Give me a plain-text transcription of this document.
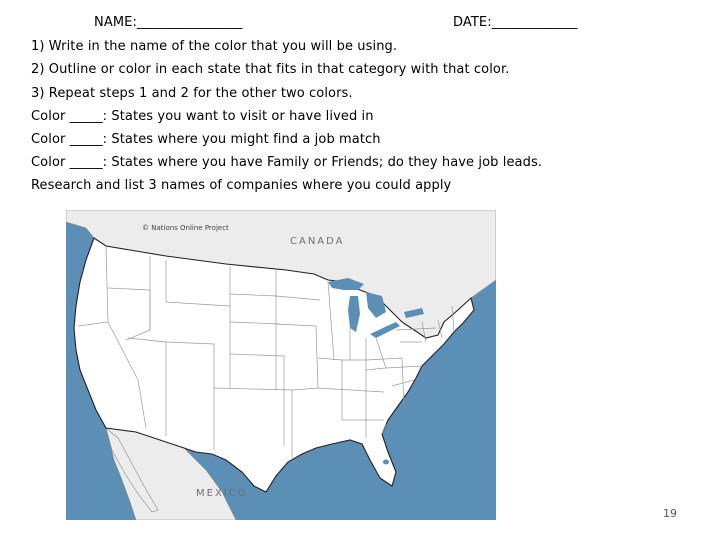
NAME:________________	DATE:_____________
1) Write in the name of the color that you will be using.
2) Outline or color in each state that fits in that category with that color.
3) Repeat steps 1 and 2 for the other two colors.
Color _____: States you want to visit or have lived in
Color _____: States where you might find a job match
Color _____: States where you have Family or Friends; do they have job leads.
Research and list 3 names of companies where you could apply
© Nations Online Project
CANADA
MEXICO
19
